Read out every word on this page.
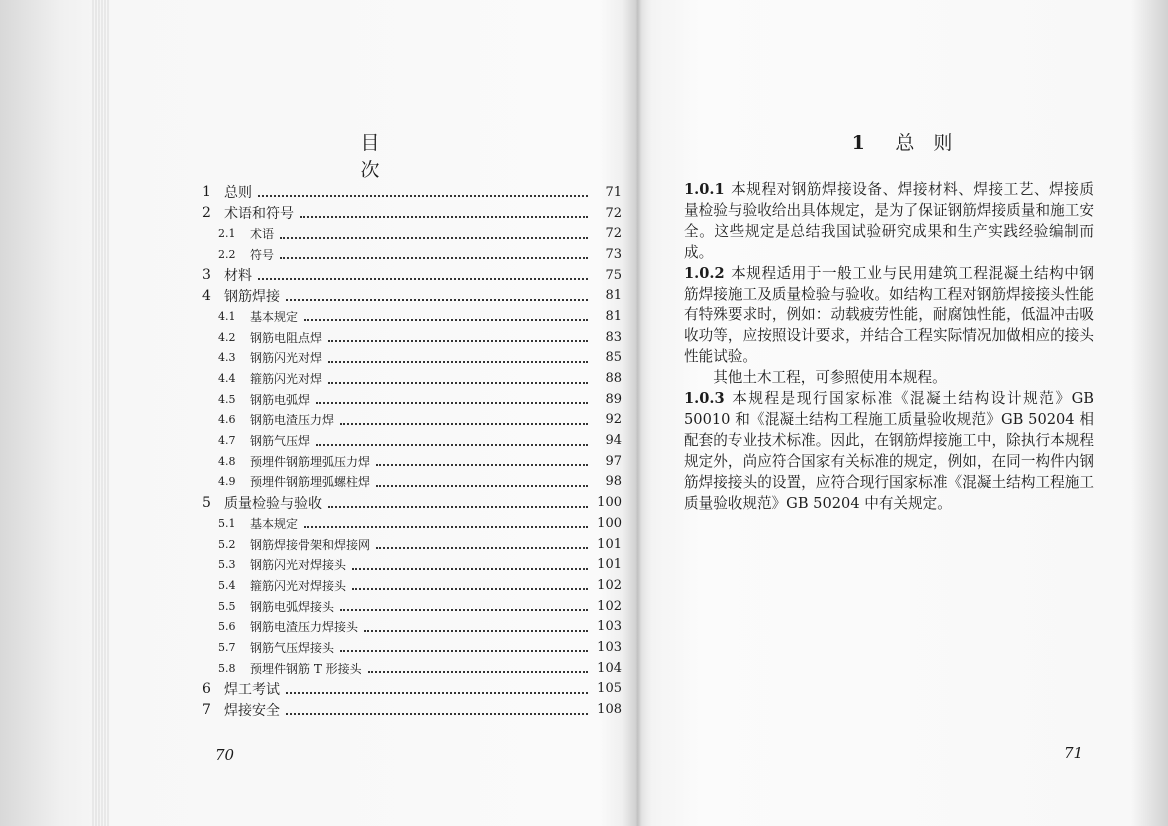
目　次
1 总则	71
2 术语和符号	72
2.1	术语	72
2.2	符号	73
3 材料	75
4 钢筋焊接	81
4.1	基本规定	81
4.2	钢筋电阻点焊	83
4.3	钢筋闪光对焊	85
4.4	箍筋闪光对焊	88
4.5	钢筋电弧焊	89
4.6	钢筋电渣压力焊	92
4.7	钢筋气压焊	94
4.8	预埋件钢筋埋弧压力焊	97
4.9	预埋件钢筋埋弧螺柱焊	98
5 质量检验与验收	100
5.1	基本规定	100
5.2	钢筋焊接骨架和焊接网	101
5.3	钢筋闪光对焊接头	101
5.4	箍筋闪光对焊接头	102
5.5	钢筋电弧焊接头	102
5.6	钢筋电渣压力焊接头	103
5.7	钢筋气压焊接头	103
5.8	预埋件钢筋 T 形接头	104
6 焊工考试	105
7 焊接安全	108
70
1 总　则

1.0.1 本规程对钢筋焊接设备、焊接材料、焊接工艺、焊接质量检验与验收给出具体规定，是为了保证钢筋焊接质量和施工安全。这些规定是总结我国试验研究成果和生产实践经验编制而成。

1.0.2 本规程适用于一般工业与民用建筑工程混凝土结构中钢筋焊接施工及质量检验与验收。如结构工程对钢筋焊接接头性能有特殊要求时，例如：动载疲劳性能，耐腐蚀性能，低温冲击吸收功等，应按照设计要求，并结合工程实际情况加做相应的接头性能试验。

其他土木工程，可参照使用本规程。

1.0.3 本规程是现行国家标准《混凝土结构设计规范》GB 50010 和《混凝土结构工程施工质量验收规范》GB 50204 相配套的专业技术标准。因此，在钢筋焊接施工中，除执行本规程规定外，尚应符合国家有关标准的规定，例如，在同一构件内钢筋焊接接头的设置，应符合现行国家标准《混凝土结构工程施工质量验收规范》GB 50204 中有关规定。

71
